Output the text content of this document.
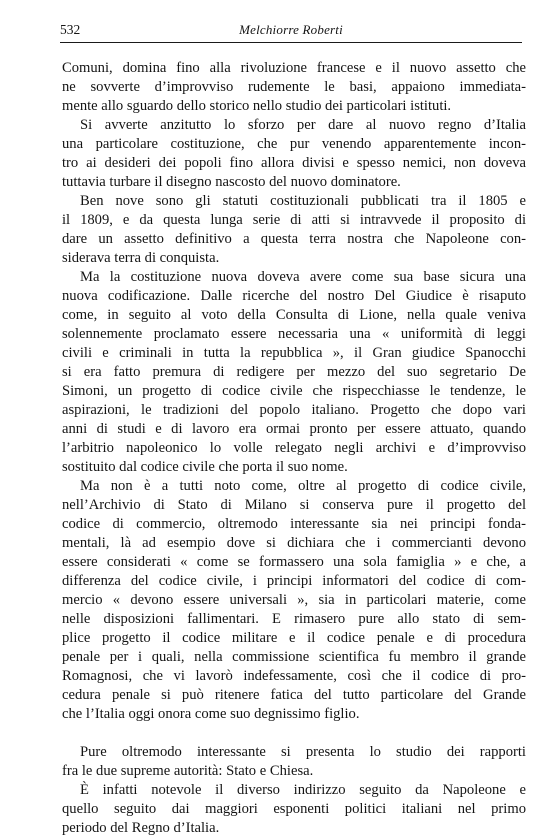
532	Melchiorre Roberti
Comuni, domina fino alla rivoluzione francese e il nuovo assetto che
ne sovverte d’improvviso rudemente le basi, appaiono immediata-
mente allo sguardo dello storico nello studio dei particolari istituti.
Si avverte anzitutto lo sforzo per dare al nuovo regno d’Italia
una particolare costituzione, che pur venendo apparentemente incon-
tro ai desideri dei popoli fino allora divisi e spesso nemici, non doveva
tuttavia turbare il disegno nascosto del nuovo dominatore.
Ben nove sono gli statuti costituzionali pubblicati tra il 1805 e
il 1809, e da questa lunga serie di atti si intravvede il proposito di
dare un assetto definitivo a questa terra nostra che Napoleone con-
siderava terra di conquista.
Ma la costituzione nuova doveva avere come sua base sicura una
nuova codificazione. Dalle ricerche del nostro Del Giudice è risaputo
come, in seguito al voto della Consulta di Lione, nella quale veniva
solennemente proclamato essere necessaria una « uniformità di leggi
civili e criminali in tutta la repubblica », il Gran giudice Spanocchi
si era fatto premura di redigere per mezzo del suo segretario De
Simoni, un progetto di codice civile che rispecchiasse le tendenze, le
aspirazioni, le tradizioni del popolo italiano. Progetto che dopo vari
anni di studi e di lavoro era ormai pronto per essere attuato, quando
l’arbitrio napoleonico lo volle relegato negli archivi e d’improvviso
sostituito dal codice civile che porta il suo nome.
Ma non è a tutti noto come, oltre al progetto di codice civile,
nell’Archivio di Stato di Milano si conserva pure il progetto del
codice di commercio, oltremodo interessante sia nei principi fonda-
mentali, là ad esempio dove si dichiara che i commercianti devono
essere considerati « come se formassero una sola famiglia » e che, a
differenza del codice civile, i principi informatori del codice di com-
mercio « devono essere universali », sia in particolari materie, come
nelle disposizioni fallimentari. E rimasero pure allo stato di sem-
plice progetto il codice militare e il codice penale e di procedura
penale per i quali, nella commissione scientifica fu membro il grande
Romagnosi, che vi lavorò indefessamente, così che il codice di pro-
cedura penale si può ritenere fatica del tutto particolare del Grande
che l’Italia oggi onora come suo degnissimo figlio.
Pure oltremodo interessante si presenta lo studio dei rapporti
fra le due supreme autorità: Stato e Chiesa.
È infatti notevole il diverso indirizzo seguito da Napoleone e
quello seguito dai maggiori esponenti politici italiani nel primo
periodo del Regno d’Italia.
